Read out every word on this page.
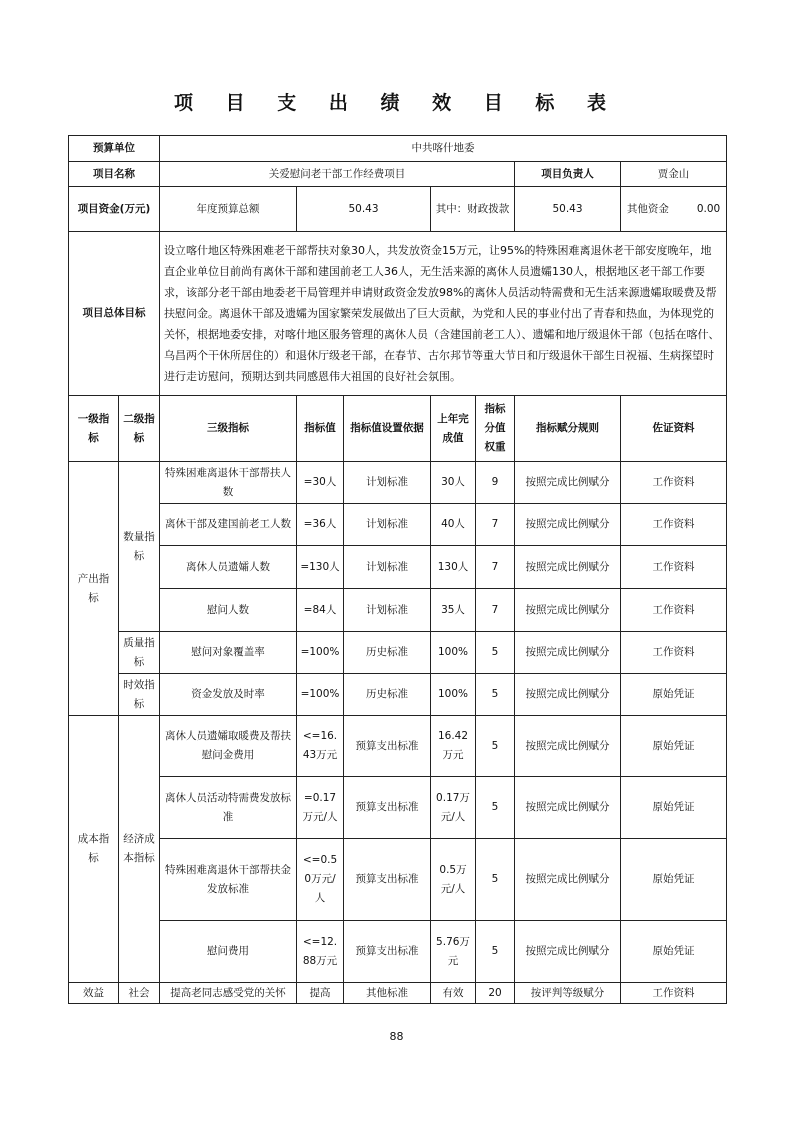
项 目 支 出 绩 效 目 标 表
预算单位		中共喀什地委						
项目名称		关爱慰问老干部工作经费项目					项目负责人	贾金山
项目资金(万元)		年度预算总额	50.43		其中：财政拨款		50.43	其他资金 0.00
项目总体目标		设立喀什地区特殊困难老干部帮扶对象30人，共发放资金15万元，让95%的特殊困难离退休老干部安度晚年，地直企业单位目前尚有离休干部和建国前老工人36人，无生活来源的离休人员遗孀130人，根据地区老干部工作要求，该部分老干部由地委老干局管理并申请财政资金发放98%的离休人员活动特需费和无生活来源遗孀取暖费及帮扶慰问金。离退休干部及遗孀为国家繁荣发展做出了巨大贡献，为党和人民的事业付出了青春和热血，为体现党的关怀，根据地委安排，对喀什地区服务管理的离休人员（含建国前老工人）、遗孀和地厅级退休干部（包括在喀什、乌昌两个干休所居住的）和退休厅级老干部，在春节、古尔邦节等重大节日和厅级退休干部生日祝福、生病探望时进行走访慰问，预期达到共同感恩伟大祖国的良好社会氛围。						
一级指标	二级指标	三级指标	指标值	指标值设置依据	上年完成值	指标分值权重	指标赋分规则	佐证资料
产出指标	数量指标	特殊困难离退休干部帮扶人数	=30人	计划标准	30人	9	按照完成比例赋分	工作资料
		离休干部及建国前老工人数	=36人	计划标准	40人	7	按照完成比例赋分	工作资料
		离休人员遗孀人数	=130人	计划标准	130人	7	按照完成比例赋分	工作资料
		慰问人数	=84人	计划标准	35人	7	按照完成比例赋分	工作资料
	质量指标	慰问对象覆盖率	=100%	历史标准	100%	5	按照完成比例赋分	工作资料
	时效指标	资金发放及时率	=100%	历史标准	100%	5	按照完成比例赋分	原始凭证
成本指标	经济成本指标	离休人员遗孀取暖费及帮扶慰问金费用	<=16.43万元	预算支出标准	16.42万元	5	按照完成比例赋分	原始凭证
		离休人员活动特需费发放标准	=0.17万元/人	预算支出标准	0.17万元/人	5	按照完成比例赋分	原始凭证
		特殊困难离退休干部帮扶金发放标准	<=0.50万元/人	预算支出标准	0.5万元/人	5	按照完成比例赋分	原始凭证
		慰问费用	<=12.88万元	预算支出标准	5.76万元	5	按照完成比例赋分	原始凭证
效益	社会	提高老同志感受党的关怀	提高	其他标准	有效	20	按评判等级赋分	工作资料
88
